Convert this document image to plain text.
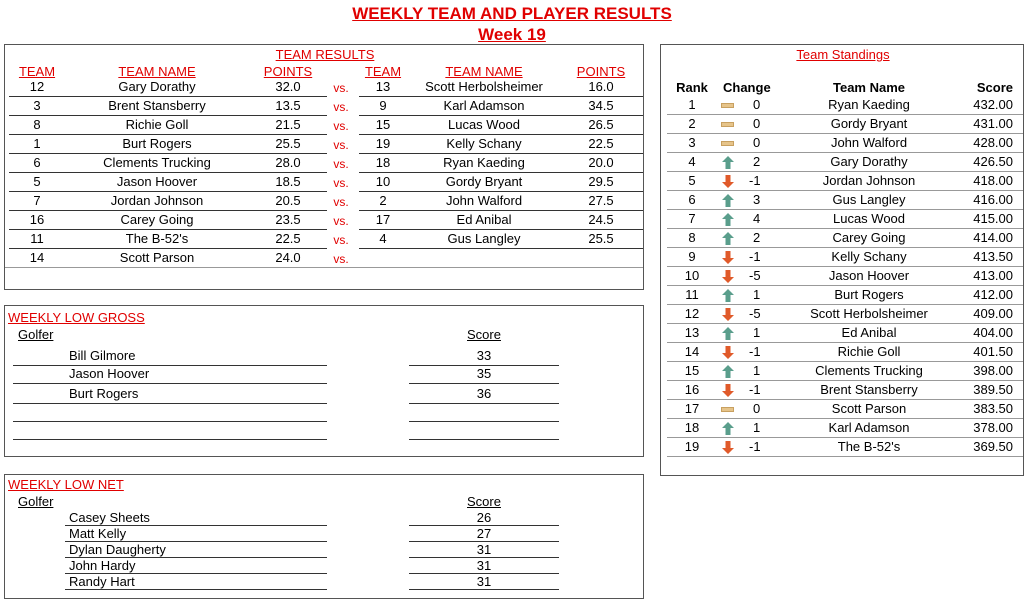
WEEKLY TEAM AND PLAYER RESULTS
Week 19
TEAM RESULTS
TEAM	TEAM NAME	POINTS	TEAM	TEAM NAME	POINTS
12	Gary Dorathy	32.0	vs.	13	Scott Herbolsheimer	16.0
3	Brent Stansberry	13.5	vs.	9	Karl Adamson	34.5
8	Richie Goll	21.5	vs.	15	Lucas Wood	26.5
1	Burt Rogers	25.5	vs.	19	Kelly Schany	22.5
6	Clements Trucking	28.0	vs.	18	Ryan Kaeding	20.0
5	Jason Hoover	18.5	vs.	10	Gordy Bryant	29.5
7	Jordan Johnson	20.5	vs.	2	John Walford	27.5
16	Carey Going	23.5	vs.	17	Ed Anibal	24.5
11	The B-52's	22.5	vs.	4	Gus Langley	25.5
14	Scott Parson	24.0	vs.
WEEKLY LOW GROSS
Golfer	Score
Bill Gilmore	33
Jason Hoover	35
Burt Rogers	36
WEEKLY LOW NET
Golfer	Score
Casey Sheets	26
Matt Kelly	27
Dylan Daugherty	31
John Hardy	31
Randy Hart	31
Team Standings
Rank	Change	Team Name	Score
1	0	Ryan Kaeding	432.00
2	0	Gordy Bryant	431.00
3	0	John Walford	428.00
4	2	Gary Dorathy	426.50
5	-1	Jordan Johnson	418.00
6	3	Gus Langley	416.00
7	4	Lucas Wood	415.00
8	2	Carey Going	414.00
9	-1	Kelly Schany	413.50
10	-5	Jason Hoover	413.00
11	1	Burt Rogers	412.00
12	-5	Scott Herbolsheimer	409.00
13	1	Ed Anibal	404.00
14	-1	Richie Goll	401.50
15	1	Clements Trucking	398.00
16	-1	Brent Stansberry	389.50
17	0	Scott Parson	383.50
18	1	Karl Adamson	378.00
19	-1	The B-52's	369.50
